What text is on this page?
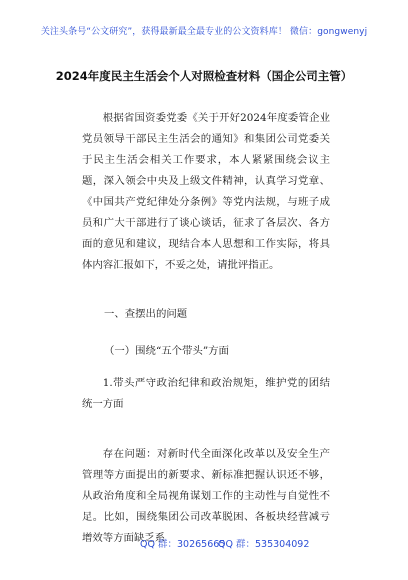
关注头条号“公文研究”，获得最新最全最专业的公文资料库！ 微信：gongwenyj
2024年度民主生活会个人对照检查材料（国企公司主管）
根据省国资委党委《关于开好2024年度委管企业党员领导干部民主生活会的通知》和集团公司党委关于民主生活会相关工作要求，本人紧紧围绕会议主题，深入领会中央及上级文件精神，认真学习党章、《中国共产党纪律处分条例》等党内法规，与班子成员和广大干部进行了谈心谈话，征求了各层次、各方面的意见和建议，现结合本人思想和工作实际，将具体内容汇报如下，不妥之处，请批评指正。
一、查摆出的问题
（一）围绕“五个带头”方面
1.带头严守政治纪律和政治规矩，维护党的团结统一方面
存在问题：对新时代全面深化改革以及安全生产管理等方面提出的新要求、新标准把握认识还不够，从政治角度和全局视角谋划工作的主动性与自觉性不足。比如，围绕集团公司改革脱困、各板块经营减亏增效等方面缺乏系
QQ 群：30265665
QQ 群：535304092
